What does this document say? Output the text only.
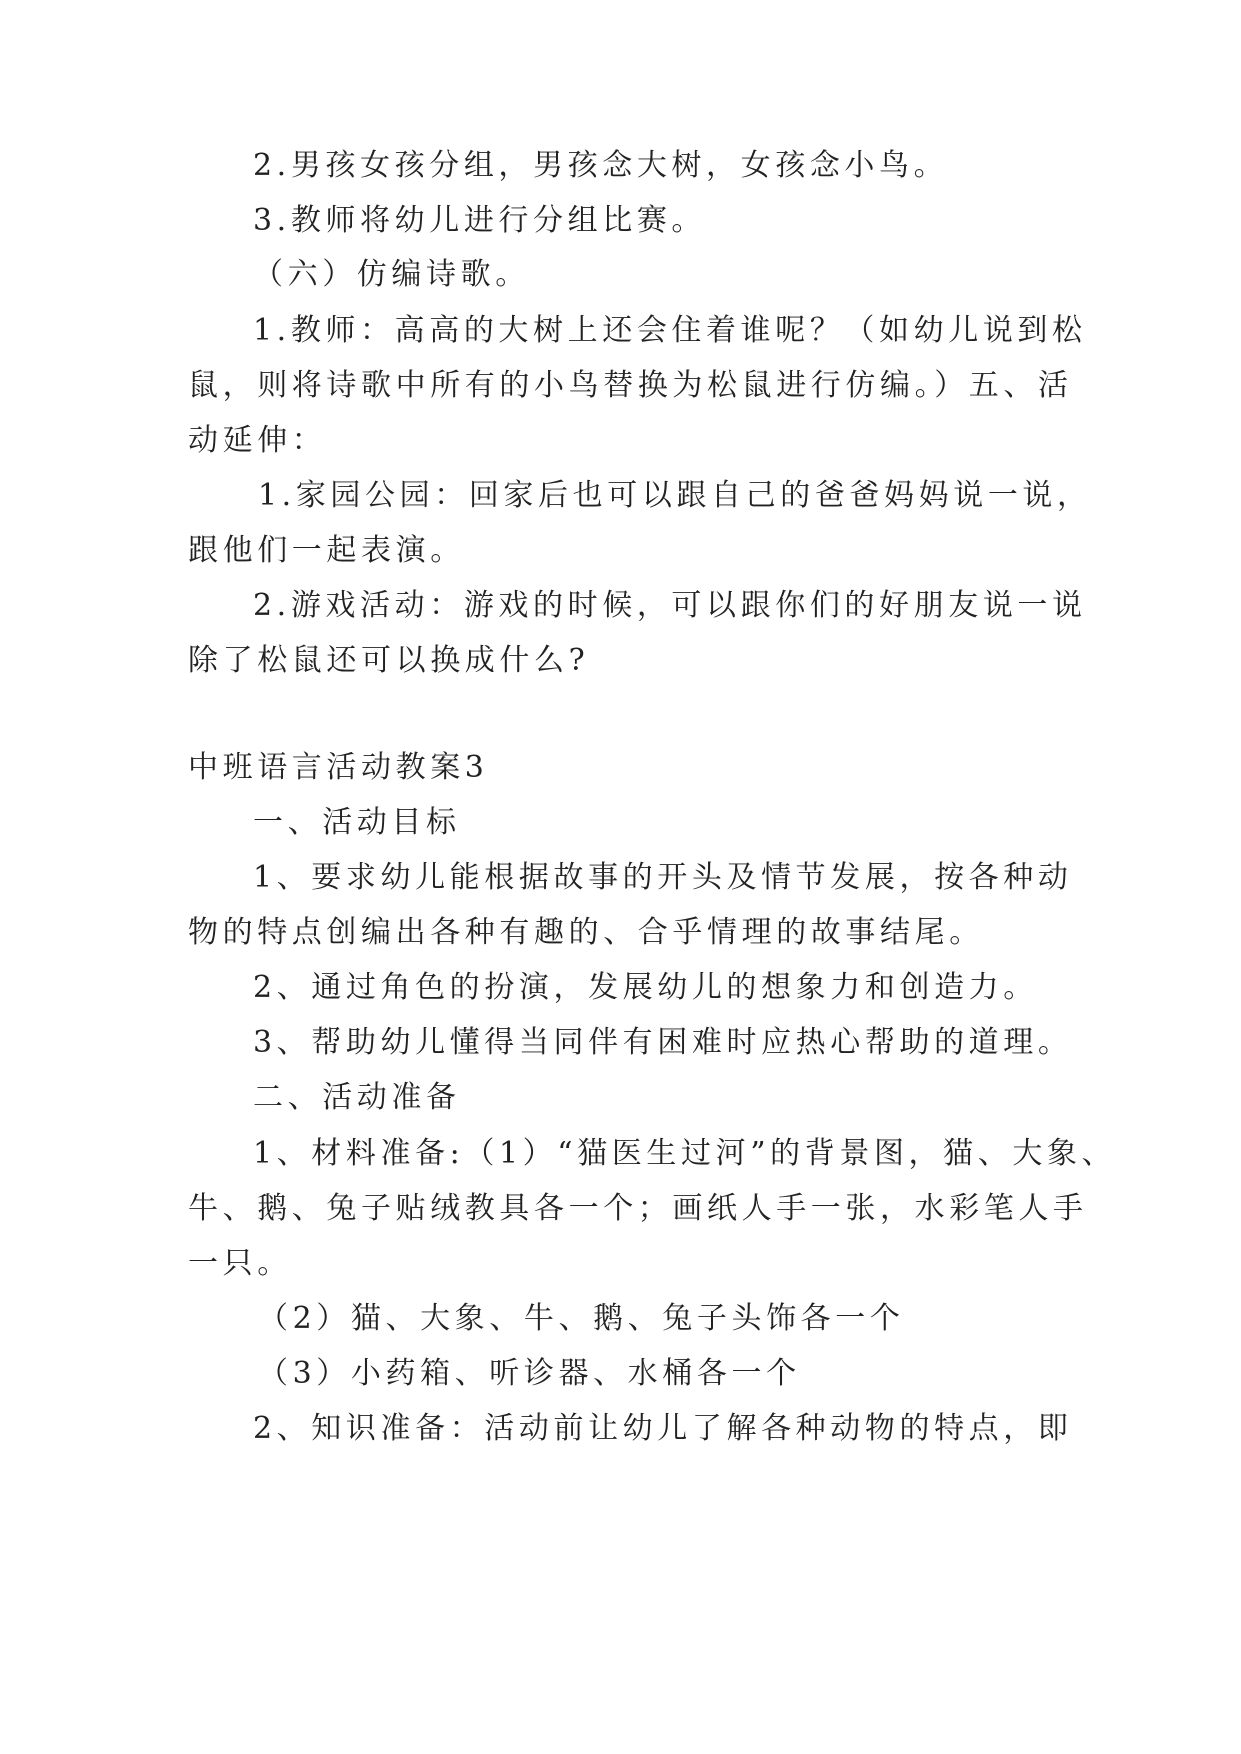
2.男孩女孩分组，男孩念大树，女孩念小鸟。
3.教师将幼儿进行分组比赛。
（六）仿编诗歌。
1.教师：高高的大树上还会住着谁呢？（如幼儿说到松
鼠，则将诗歌中所有的小鸟替换为松鼠进行仿编。）五、活
动延伸：
1.家园公园：回家后也可以跟自己的爸爸妈妈说一说，
跟他们一起表演。
2.游戏活动：游戏的时候，可以跟你们的好朋友说一说
除了松鼠还可以换成什么?
中班语言活动教案3
一、活动目标
1、要求幼儿能根据故事的开头及情节发展，按各种动
物的特点创编出各种有趣的、合乎情理的故事结尾。
2、通过角色的扮演，发展幼儿的想象力和创造力。
3、帮助幼儿懂得当同伴有困难时应热心帮助的道理。
二、活动准备
1、材料准备:（1）“猫医生过河”的背景图，猫、大象、
牛、鹅、兔子贴绒教具各一个；画纸人手一张，水彩笔人手
一只。
（2）猫、大象、牛、鹅、兔子头饰各一个
（3）小药箱、听诊器、水桶各一个
2、知识准备：活动前让幼儿了解各种动物的特点，即
